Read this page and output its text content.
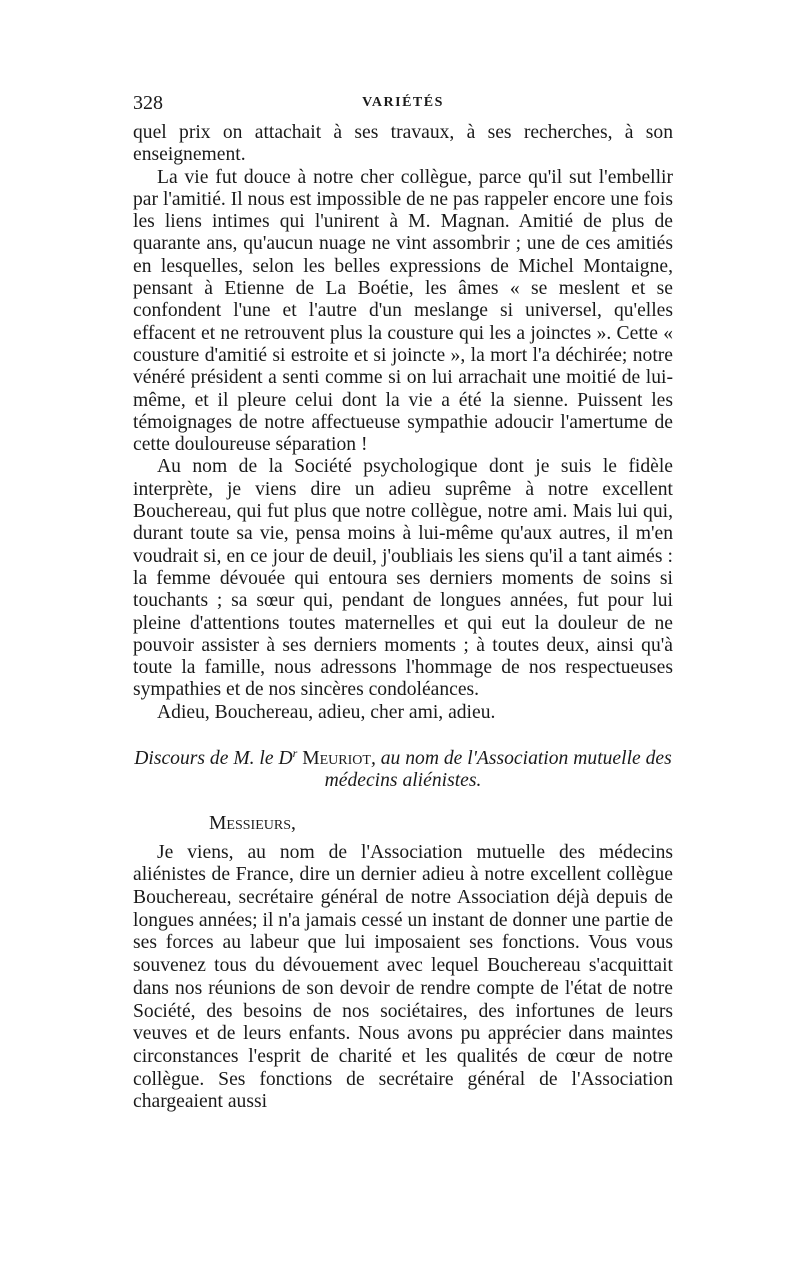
328	VARIÉTÉS

quel prix on attachait à ses travaux, à ses recherches, à son enseignement.

La vie fut douce à notre cher collègue, parce qu'il sut l'embellir par l'amitié. Il nous est impossible de ne pas rappeler encore une fois les liens intimes qui l'unirent à M. Magnan. Amitié de plus de quarante ans, qu'aucun nuage ne vint assombrir ; une de ces amitiés en lesquelles, selon les belles expressions de Michel Montaigne, pensant à Etienne de La Boétie, les âmes « se meslent et se confondent l'une et l'autre d'un meslange si universel, qu'elles effacent et ne retrouvent plus la cousture qui les a joinctes ». Cette « cousture d'amitié si estroite et si joincte », la mort l'a déchirée; notre vénéré président a senti comme si on lui arrachait une moitié de lui-même, et il pleure celui dont la vie a été la sienne. Puissent les témoignages de notre affectueuse sympathie adoucir l'amertume de cette douloureuse séparation !

Au nom de la Société psychologique dont je suis le fidèle interprète, je viens dire un adieu suprême à notre excellent Bouchereau, qui fut plus que notre collègue, notre ami. Mais lui qui, durant toute sa vie, pensa moins à lui-même qu'aux autres, il m'en voudrait si, en ce jour de deuil, j'oubliais les siens qu'il a tant aimés : la femme dévouée qui entoura ses derniers moments de soins si touchants ; sa sœur qui, pendant de longues années, fut pour lui pleine d'attentions toutes maternelles et qui eut la douleur de ne pouvoir assister à ses derniers moments ; à toutes deux, ainsi qu'à toute la famille, nous adressons l'hommage de nos respectueuses sympathies et de nos sincères condoléances.

Adieu, Bouchereau, adieu, cher ami, adieu.

Discours de M. le $D^r$ Meuriot, au nom de l'Association mutuelle des médecins aliénistes.
Messieurs,

Je viens, au nom de l'Association mutuelle des médecins aliénistes de France, dire un dernier adieu à notre excellent collègue Bouchereau, secrétaire général de notre Association déjà depuis de longues années; il n'a jamais cessé un instant de donner une partie de ses forces au labeur que lui imposaient ses fonctions. Vous vous souvenez tous du dévouement avec lequel Bouchereau s'acquittait dans nos réunions de son devoir de rendre compte de l'état de notre Société, des besoins de nos sociétaires, des infortunes de leurs veuves et de leurs enfants. Nous avons pu apprécier dans maintes circonstances l'esprit de charité et les qualités de cœur de notre collègue. Ses fonctions de secrétaire général de l'Association chargeaient aussi
